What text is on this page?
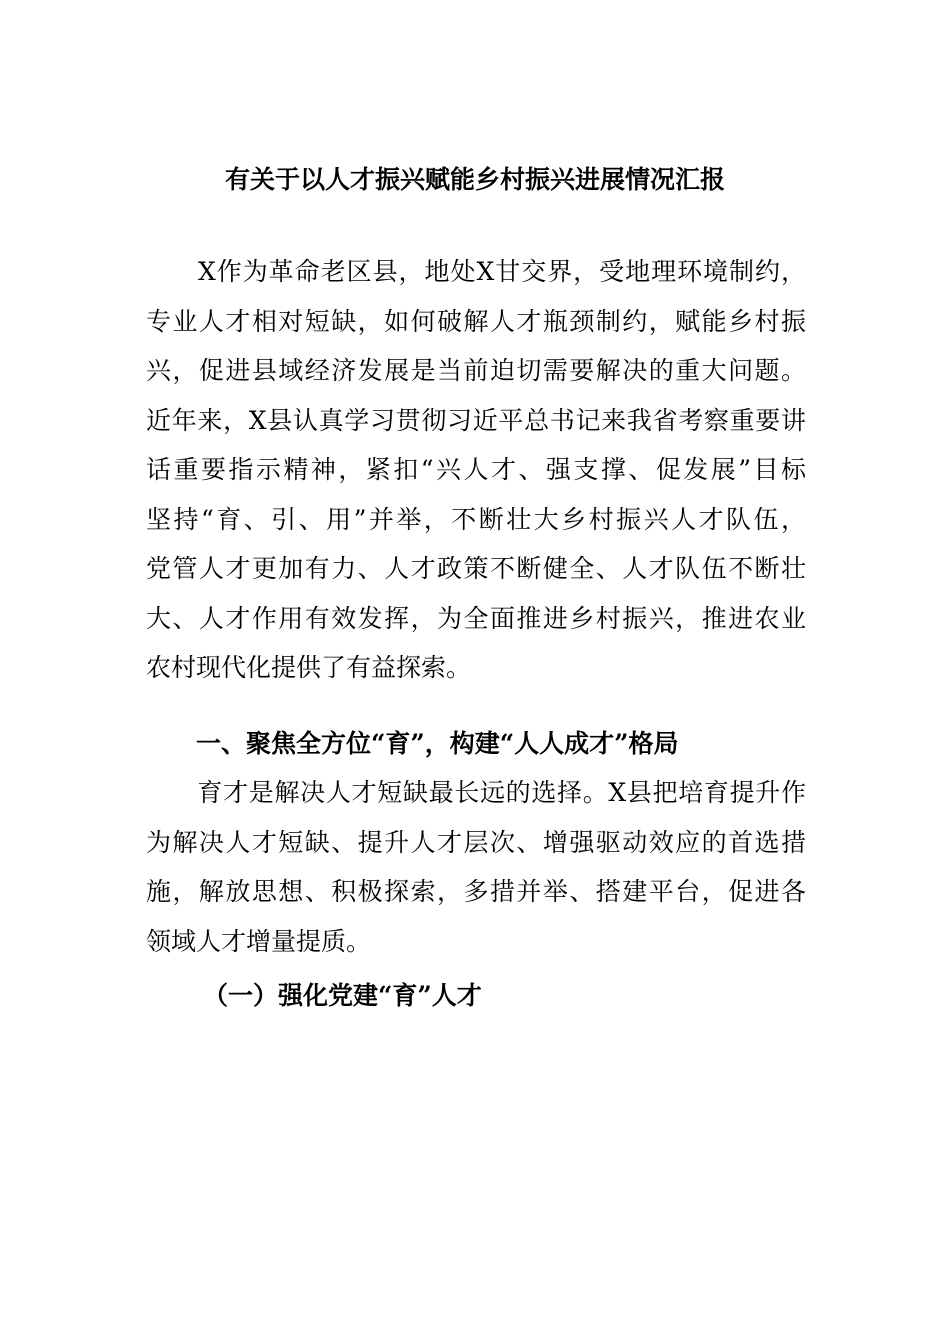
有关于以人才振兴赋能乡村振兴进展情况汇报
　　X作为革命老区县，地处X甘交界，受地理环境制约，
专业人才相对短缺，如何破解人才瓶颈制约，赋能乡村振
兴，促进县域经济发展是当前迫切需要解决的重大问题。
近年来，X县认真学习贯彻习近平总书记来我省考察重要讲
话重要指示精神，紧扣“兴人才、强支撑、促发展”目标
坚持“育、引、用”并举，不断壮大乡村振兴人才队伍，
党管人才更加有力、人才政策不断健全、人才队伍不断壮
大、人才作用有效发挥，为全面推进乡村振兴，推进农业
农村现代化提供了有益探索。
一、聚焦全方位“育”，构建“人人成才”格局
　　育才是解决人才短缺最长远的选择。X县把培育提升作
为解决人才短缺、提升人才层次、增强驱动效应的首选措
施，解放思想、积极探索，多措并举、搭建平台，促进各
领域人才增量提质。
（一）强化党建“育”人才
